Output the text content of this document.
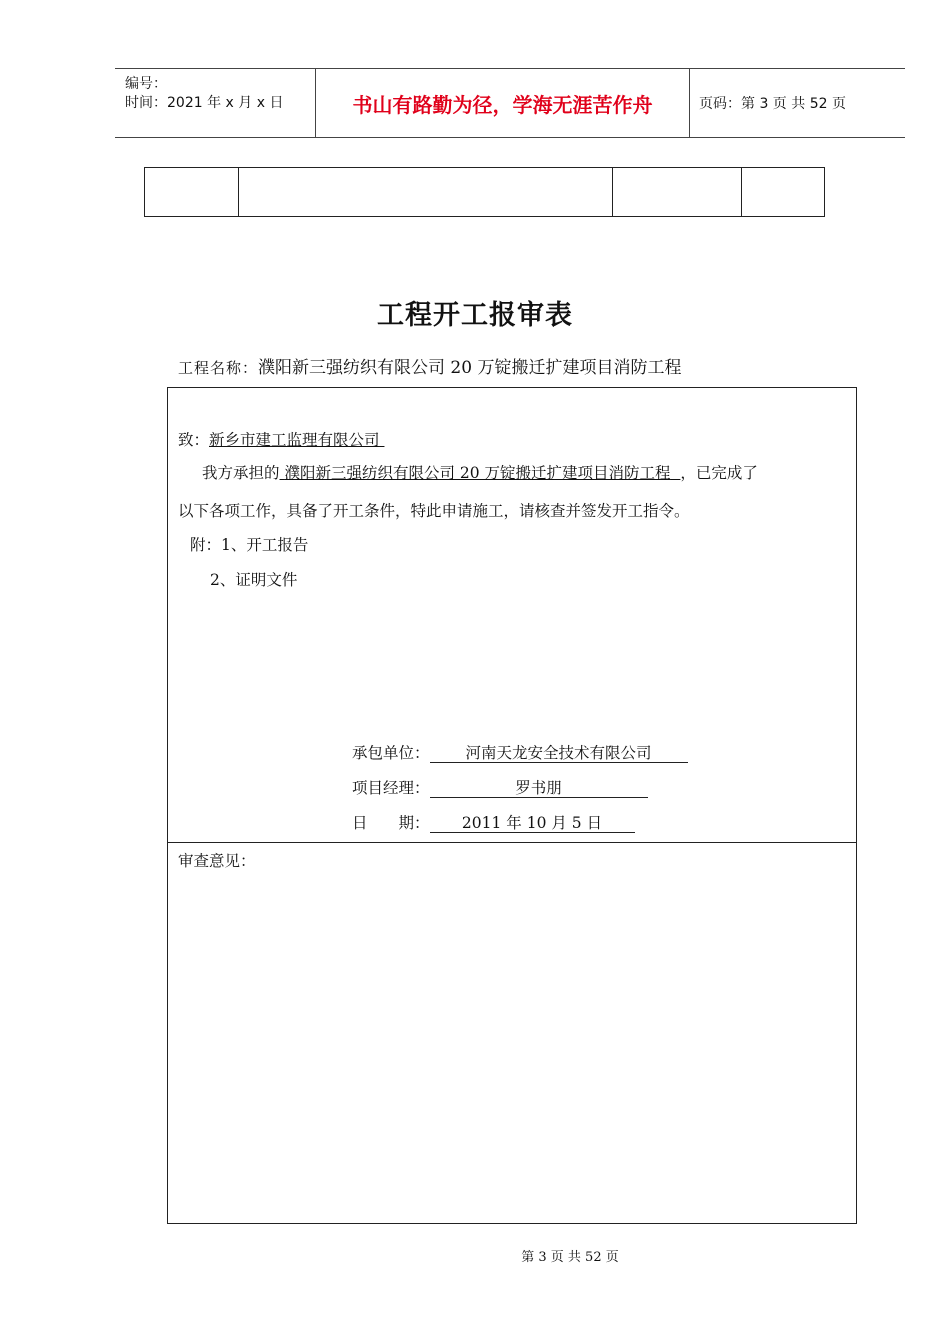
编号：
时间：2021 年 x 月 x 日	书山有路勤为径，学海无涯苦作舟	页码：第 3 页 共 52 页

工程开工报审表
工程名称：濮阳新三强纺织有限公司 20 万锭搬迁扩建项目消防工程
致：新乡市建工监理有限公司
我方承担的 濮阳新三强纺织有限公司 20 万锭搬迁扩建项目消防工程 ，已完成了
以下各项工作，具备了开工条件，特此申请施工，请核查并签发开工指令。
附：1、开工报告
2、证明文件
承包单位： 河南天龙安全技术有限公司
项目经理：	罗书朋
日　　期： 2011 年 10 月 5 日
审查意见：
第 3 页 共 52 页
